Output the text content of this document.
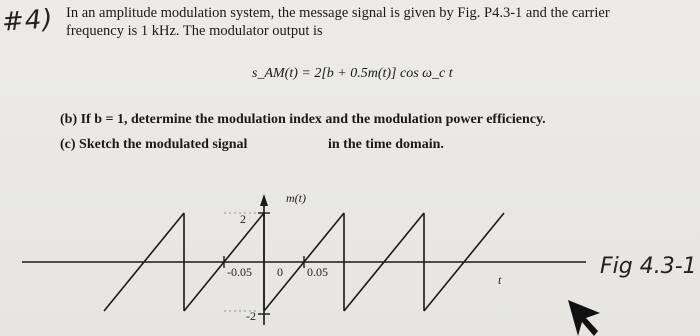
#4) In an amplitude modulation system, the message signal is given by Fig. P4.3-1 and the carrier
frequency is 1 kHz. The modulator output is
s_AM(t) = 2[b + 0.5m(t)] cos ω_c t
(b) If b = 1, determine the modulation index and the modulation power efficiency.
(c) Sketch the modulated signal	in the time domain.
m(t)
2
-2
-0.05 0 0.05
t
Fig 4.3-1
